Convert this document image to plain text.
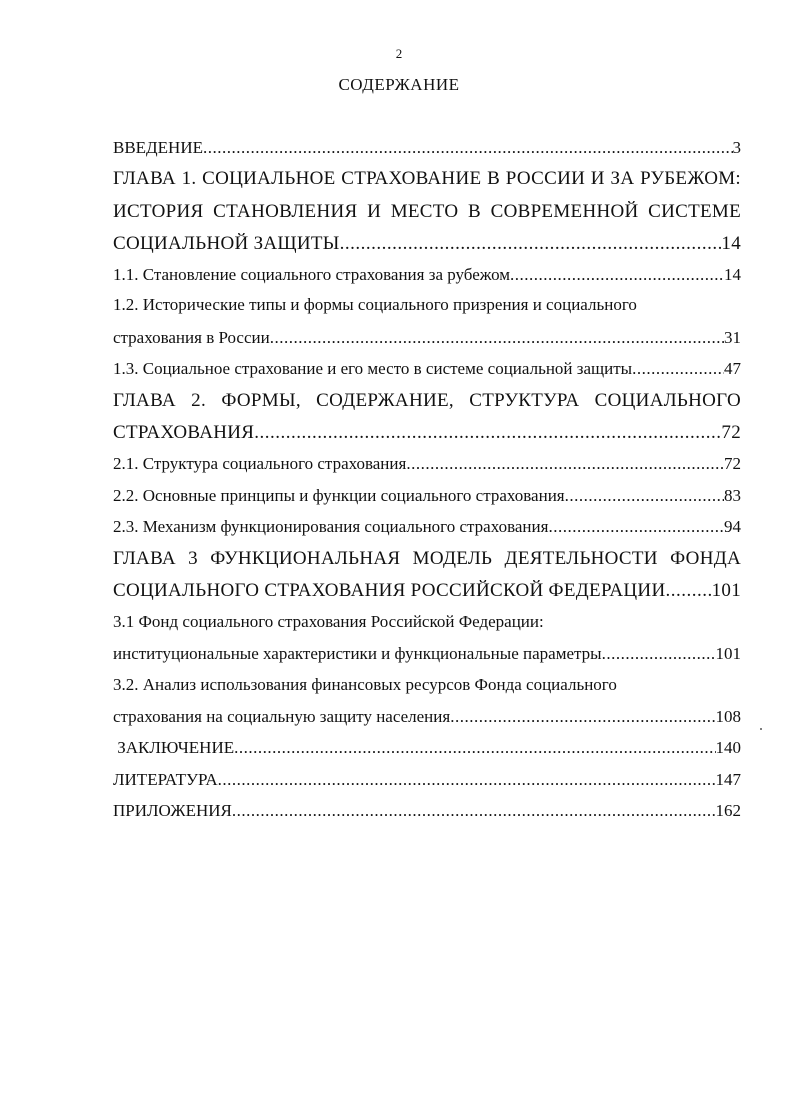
2
СОДЕРЖАНИЕ
ВВЕДЕНИЕ .....	3
ГЛАВА 1. СОЦИАЛЬНОЕ СТРАХОВАНИЕ В РОССИИ И ЗА РУБЕЖОМ:
ИСТОРИЯ СТАНОВЛЕНИЯ И МЕСТО В СОВРЕМЕННОЙ СИСТЕМЕ
СОЦИАЛЬНОЙ ЗАЩИТЫ .....	14
1.1. Становление социального страхования за рубежом .....	14
1.2. Исторические типы и формы социального призрения и социального
страхования в России .....	31
1.3. Социальное страхование и его место в системе социальной защиты .....	47
ГЛАВА 2. ФОРМЫ, СОДЕРЖАНИЕ, СТРУКТУРА СОЦИАЛЬНОГО
СТРАХОВАНИЯ .....	72
2.1. Структура социального страхования .....	72
2.2. Основные принципы и функции социального страхования .....	83
2.3. Механизм функционирования социального страхования .....	94
ГЛАВА 3 ФУНКЦИОНАЛЬНАЯ МОДЕЛЬ ДЕЯТЕЛЬНОСТИ ФОНДА
СОЦИАЛЬНОГО СТРАХОВАНИЯ РОССИЙСКОЙ ФЕДЕРАЦИИ ..... 101
3.1 Фонд социального страхования Российской Федерации:
институциональные характеристики и функциональные параметры .....	101
3.2. Анализ использования финансовых ресурсов Фонда социального
страхования на социальную защиту населения .....	108
ЗАКЛЮЧЕНИЕ .....	140
ЛИТЕРАТУРА .....	147
ПРИЛОЖЕНИЯ .....	162
